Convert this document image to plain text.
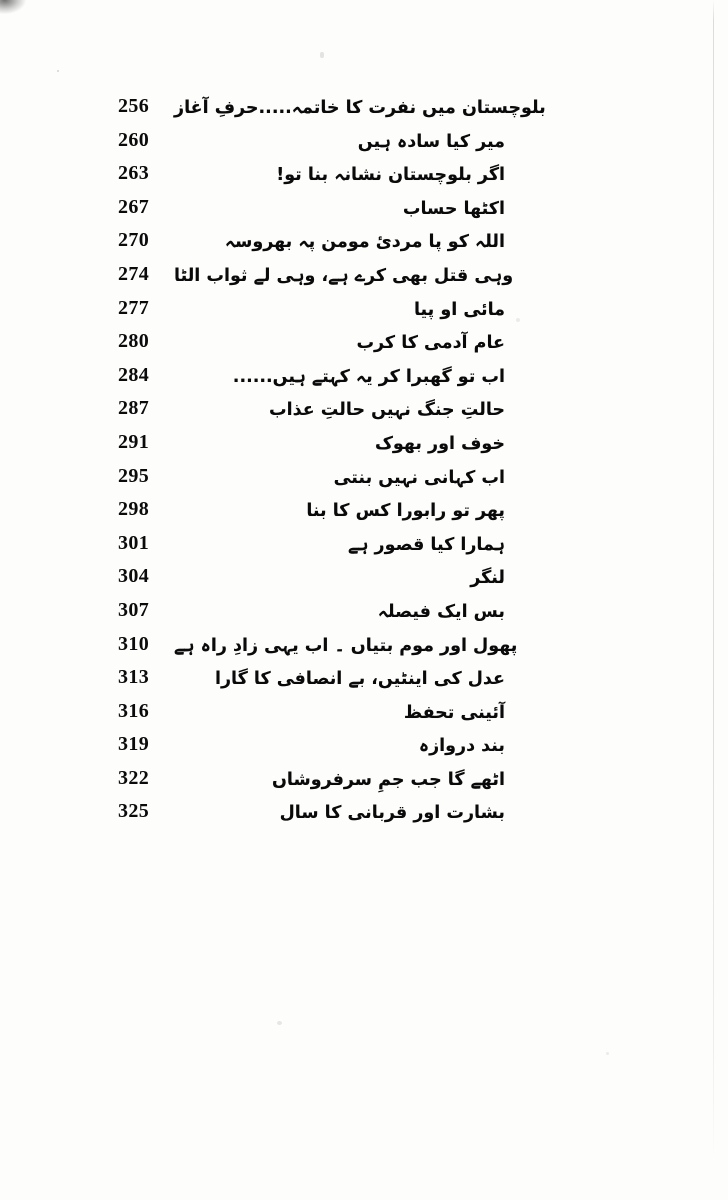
256	بلوچستان میں نفرت کا خاتمہ.....حرفِ آغاز
260	میر کیا سادہ ہیں
263	اگر بلوچستان نشانہ بنا تو!
267	اکٹھا حساب
270	اللہ کو پا مردیٔ مومن پہ بھروسہ
274	وہی قتل بھی کرے ہے، وہی لے ثواب الٹا
277	مائی او پیا
280	عام آدمی کا کرب
284	اب تو گھبرا کر یہ کہتے ہیں......
287	حالتِ جنگ نہیں حالتِ عذاب
291	خوف اور بھوک
295	اب کہانی نہیں بنتی
298	پھر تو رابورا کس کا بنا
301	ہمارا کیا قصور ہے
304	لنگر
307	بس ایک فیصلہ
310	پھول اور موم بتیاں ۔ اب یہی زادِ راہ ہے
313	عدل کی اینٹیں، بے انصافی کا گارا
316	آئینی تحفظ
319	بند دروازہ
322	اٹھے گا جب جمِ سرفروشاں
325	بشارت اور قربانی کا سال
